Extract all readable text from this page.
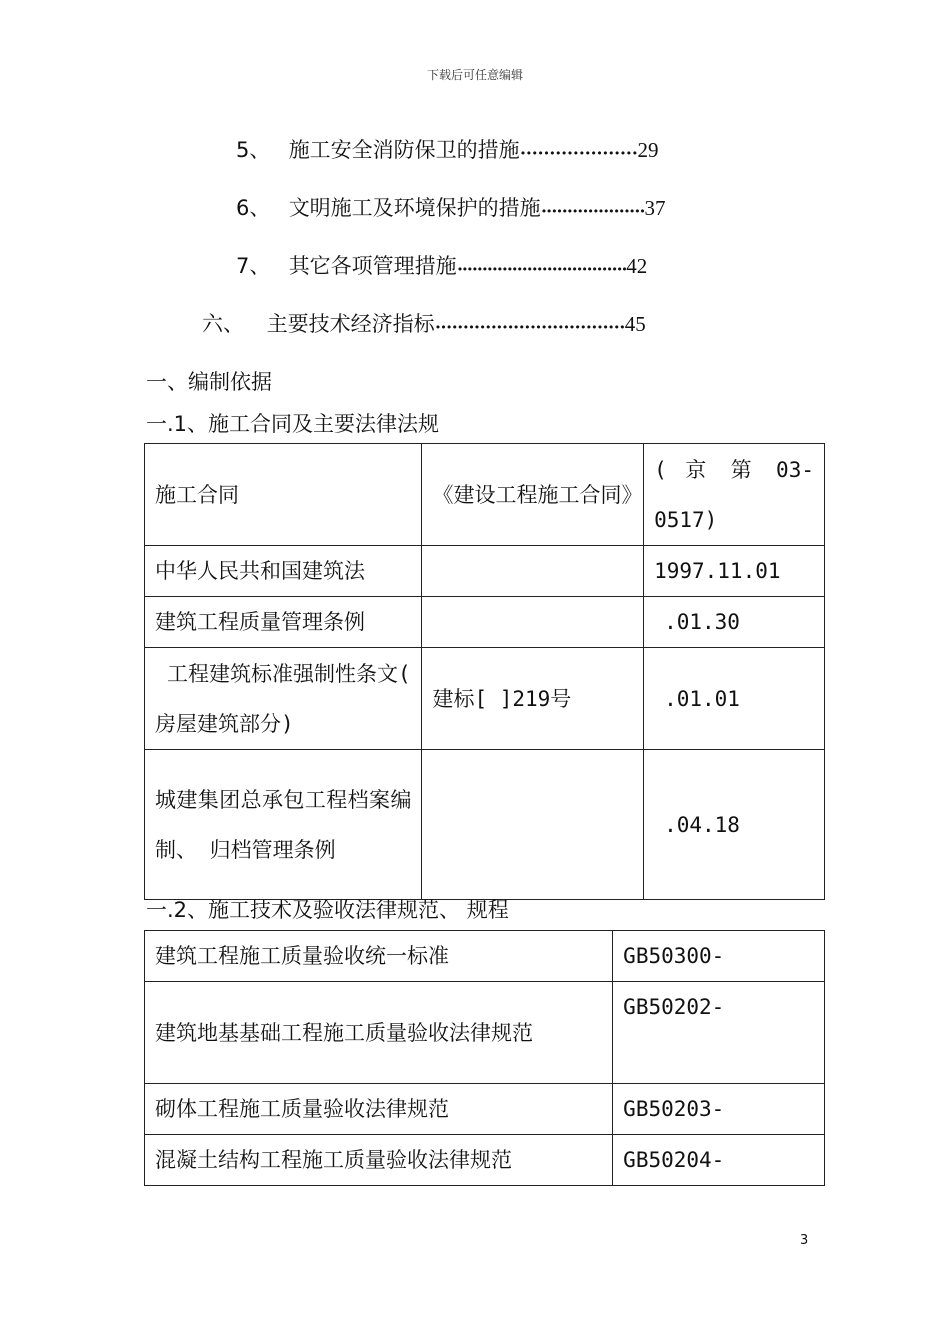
下载后可任意编辑
5、 施工安全消防保卫的措施••••••••••••••••••••29
6、 文明施工及环境保护的措施••••••••••••••••••••37
7、 其它各项管理措施••••••••••••••••••••••••••••••••••42
六、 主要技术经济指标••••••••••••••••••••••••••••••••••45
一、编制依据
一.1、施工合同及主要法律法规
施工合同	《建设工程施工合同》	( 京 第 03-0517)
中华人民共和国建筑法		1997.11.01
建筑工程质量管理条例		.01.30
工程建筑标准强制性条文( 房屋建筑部分)	建标[ ]219号	.01.01
城建集团总承包工程档案编制、 归档管理条例		.04.18
一.2、施工技术及验收法律规范、 规程
建筑工程施工质量验收统一标准	GB50300-
建筑地基基础工程施工质量验收法律规范	GB50202-
砌体工程施工质量验收法律规范	GB50203-
混凝土结构工程施工质量验收法律规范	GB50204-
3
